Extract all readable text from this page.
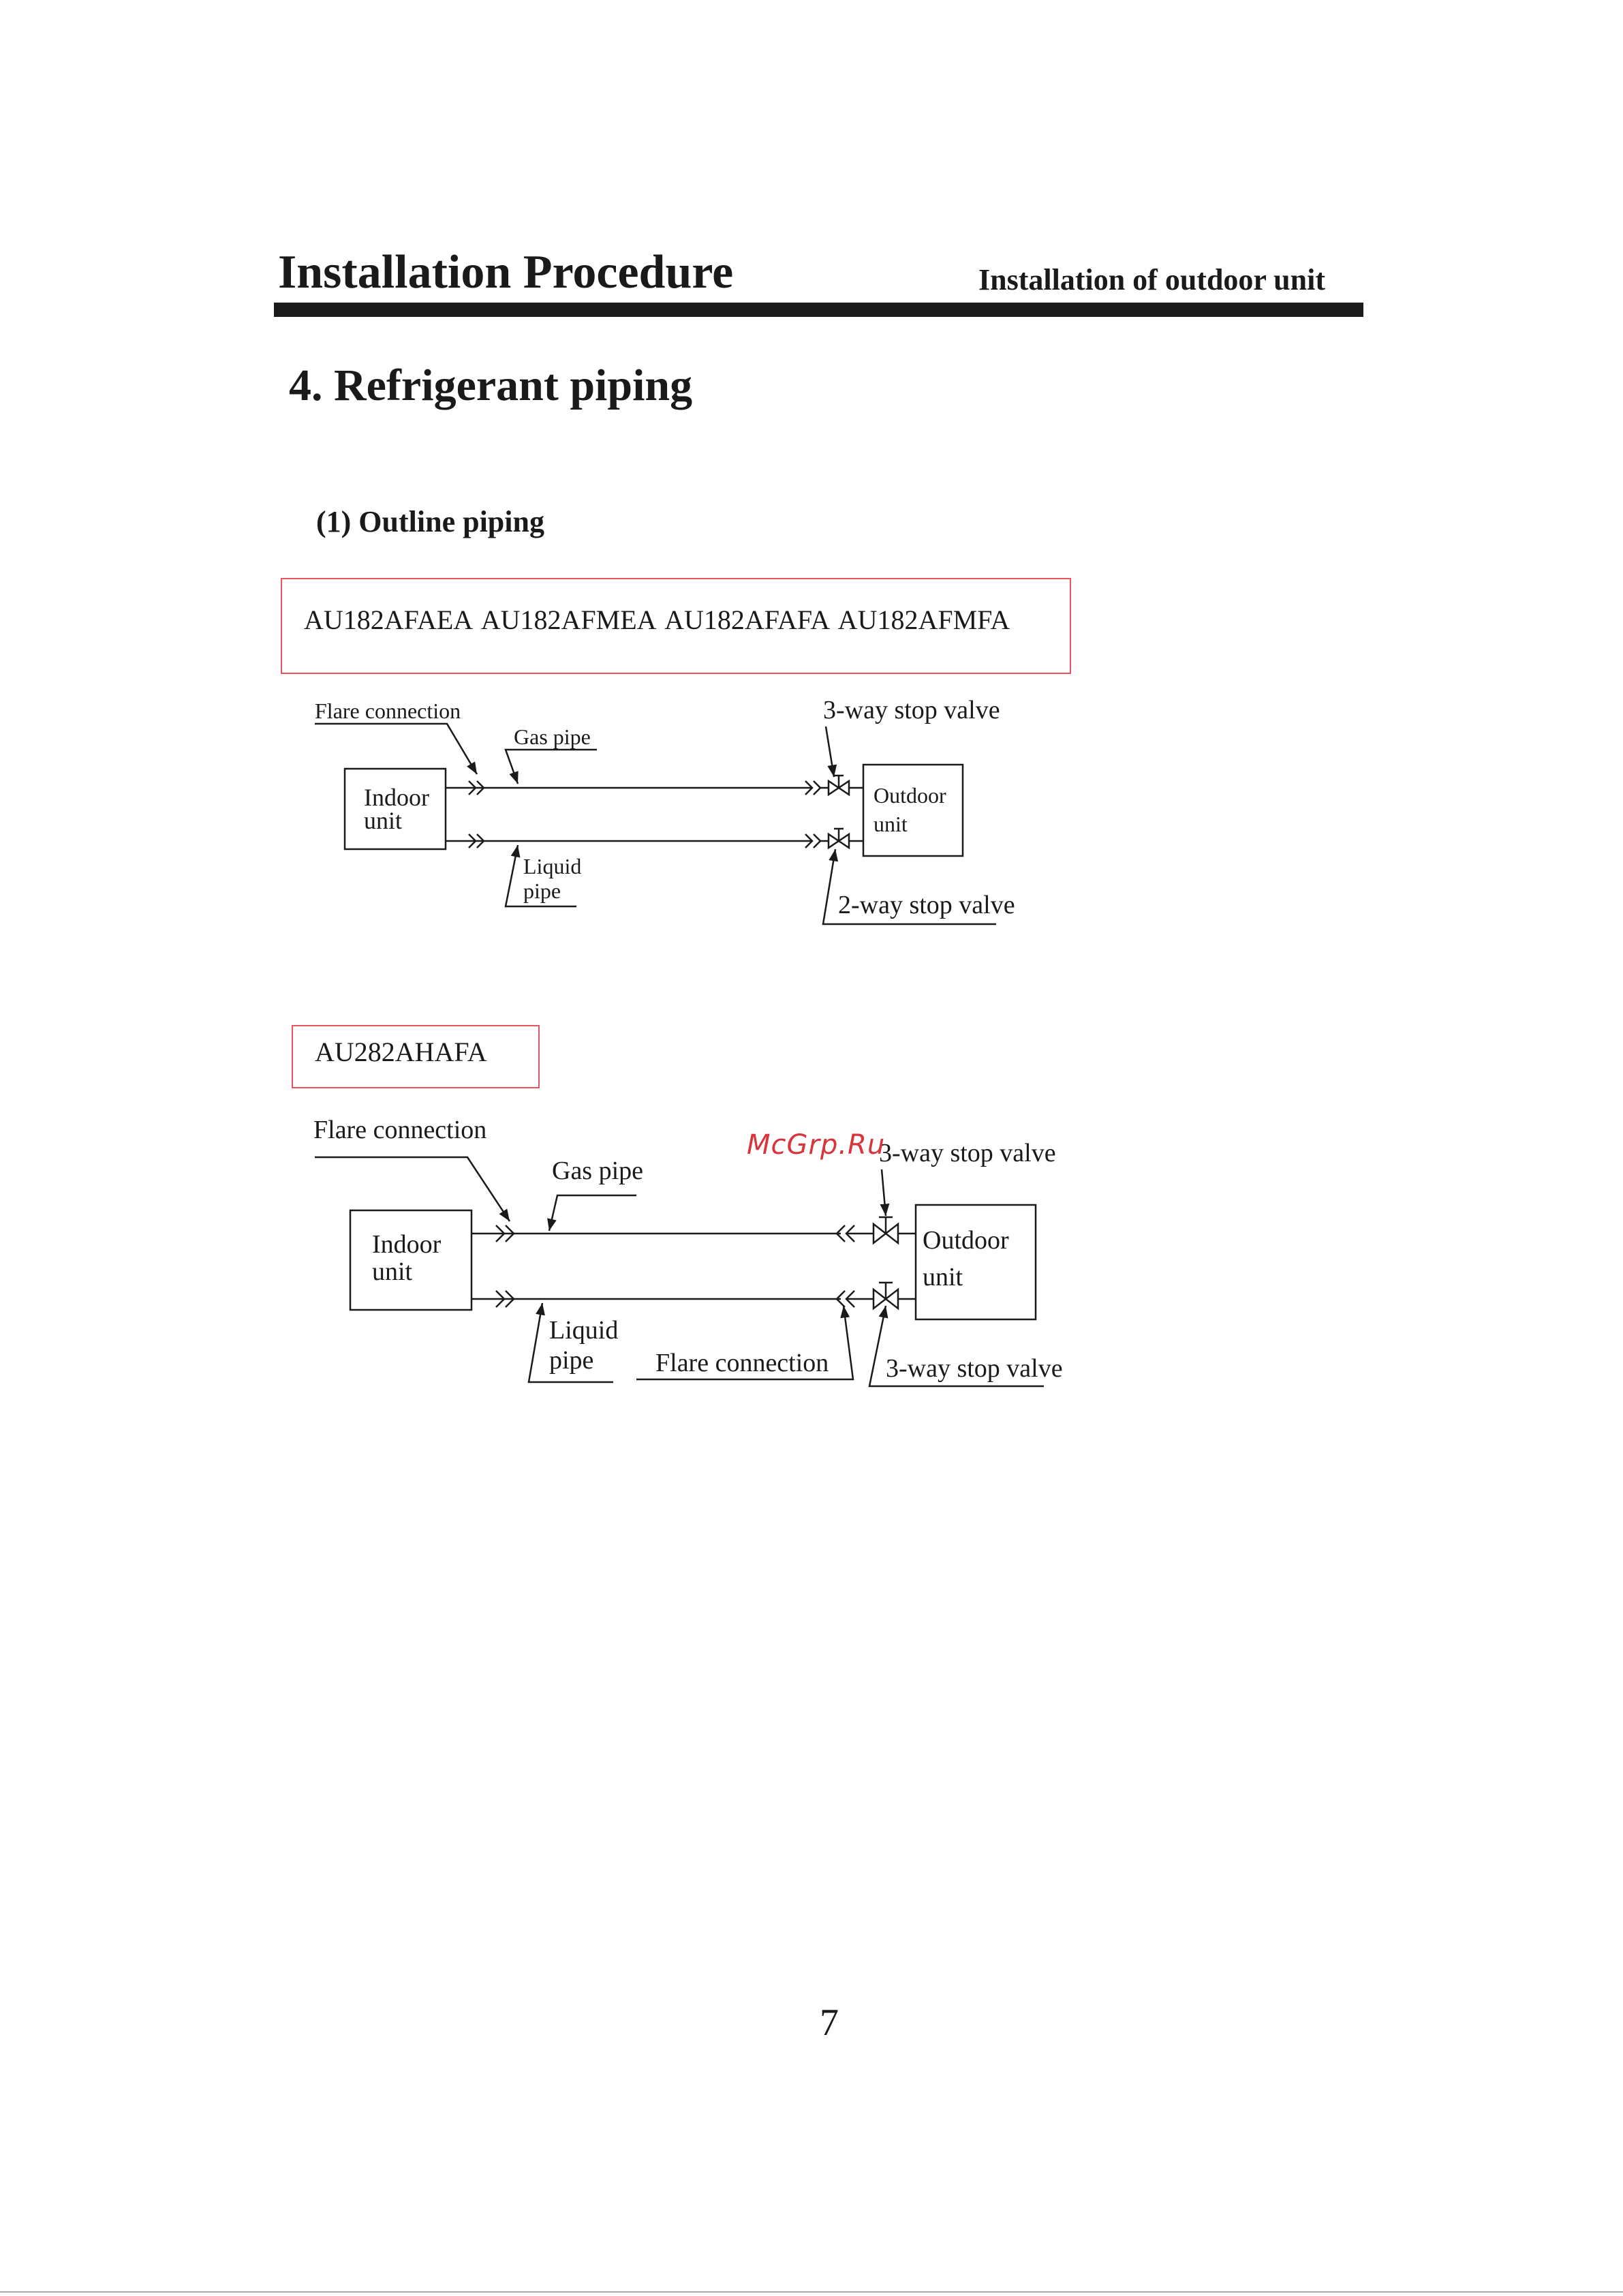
Installation Procedure	Installation of outdoor unit
4. Refrigerant piping
(1) Outline piping
AU182AFAEA AU182AFMEA AU182AFAFA AU182AFMFA
AU282AHAFA
Flare connection
Gas pipe
3-way stop valve
Indoor
unit
Outdoor
unit
Liquid
pipe	2-way stop valve
Flare connection
Gas pipe
3-way stop valve
Indoor
unit
Outdoor
unit
Liquid
pipe Flare connection 3-way stop valve
McGrp.Ru
7
